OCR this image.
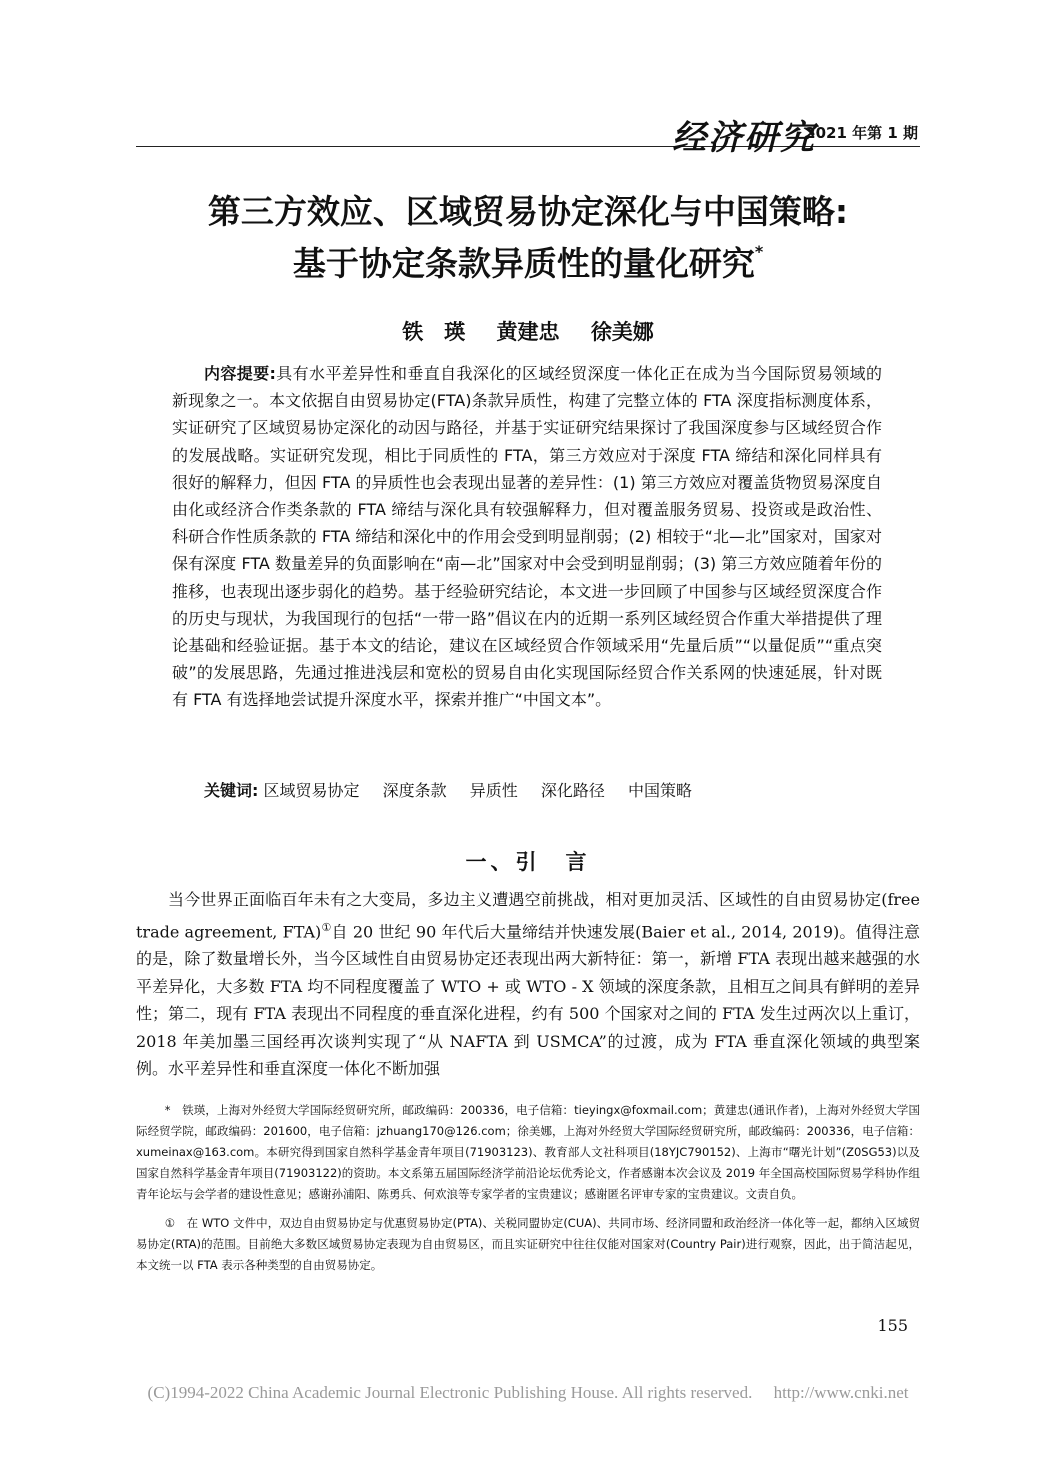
经济研究
2021 年第 1 期
第三方效应、区域贸易协定深化与中国策略:
基于协定条款异质性的量化研究*
铁　瑛 黄建忠 徐美娜
内容提要:具有水平差异性和垂直自我深化的区域经贸深度一体化正在成为当今国际贸易领域的新现象之一。本文依据自由贸易协定(FTA)条款异质性，构建了完整立体的 FTA 深度指标测度体系，实证研究了区域贸易协定深化的动因与路径，并基于实证研究结果探讨了我国深度参与区域经贸合作的发展战略。实证研究发现，相比于同质性的 FTA，第三方效应对于深度 FTA 缔结和深化同样具有很好的解释力，但因 FTA 的异质性也会表现出显著的差异性：(1) 第三方效应对覆盖货物贸易深度自由化或经济合作类条款的 FTA 缔结与深化具有较强解释力，但对覆盖服务贸易、投资或是政治性、科研合作性质条款的 FTA 缔结和深化中的作用会受到明显削弱；(2) 相较于“北—北”国家对，国家对保有深度 FTA 数量差异的负面影响在“南—北”国家对中会受到明显削弱；(3) 第三方效应随着年份的推移，也表现出逐步弱化的趋势。基于经验研究结论，本文进一步回顾了中国参与区域经贸深度合作的历史与现状，为我国现行的包括“一带一路”倡议在内的近期一系列区域经贸合作重大举措提供了理论基础和经验证据。基于本文的结论，建议在区域经贸合作领域采用“先量后质”“以量促质”“重点突破”的发展思路，先通过推进浅层和宽松的贸易自由化实现国际经贸合作关系网的快速延展，针对既有 FTA 有选择地尝试提升深度水平，探索并推广“中国文本”。
关键词: 区域贸易协定 深度条款 异质性 深化路径 中国策略
一、引　言
当今世界正面临百年未有之大变局，多边主义遭遇空前挑战，相对更加灵活、区域性的自由贸易协定(free trade agreement, FTA)①自 20 世纪 90 年代后大量缔结并快速发展(Baier et al., 2014, 2019)。值得注意的是，除了数量增长外，当今区域性自由贸易协定还表现出两大新特征：第一，新增 FTA 表现出越来越强的水平差异化，大多数 FTA 均不同程度覆盖了 WTO + 或 WTO - X 领域的深度条款，且相互之间具有鲜明的差异性；第二，现有 FTA 表现出不同程度的垂直深化进程，约有 500 个国家对之间的 FTA 发生过两次以上重订，2018 年美加墨三国经再次谈判实现了“从 NAFTA 到 USMCA”的过渡，成为 FTA 垂直深化领域的典型案例。水平差异性和垂直深度一体化不断加强

*　铁瑛，上海对外经贸大学国际经贸研究所，邮政编码：200336，电子信箱：tieyingx@foxmail.com；黄建忠(通讯作者)，上海对外经贸大学国际经贸学院，邮政编码：201600，电子信箱：jzhuang170@126.com；徐美娜，上海对外经贸大学国际经贸研究所，邮政编码：200336，电子信箱：xumeinax@163.com。本研究得到国家自然科学基金青年项目(71903123)、教育部人文社科项目(18YJC790152)、上海市“曙光计划”(Z0SG53)以及国家自然科学基金青年项目(71903122)的资助。本文系第五届国际经济学前沿论坛优秀论文，作者感谢本次会议及 2019 年全国高校国际贸易学科协作组青年论坛与会学者的建设性意见；感谢孙浦阳、陈勇兵、何欢浪等专家学者的宝贵建议；感谢匿名评审专家的宝贵建议。文责自负。

①　在 WTO 文件中，双边自由贸易协定与优惠贸易协定(PTA)、关税同盟协定(CUA)、共同市场、经济同盟和政治经济一体化等一起，都纳入区域贸易协定(RTA)的范围。目前绝大多数区域贸易协定表现为自由贸易区，而且实证研究中往往仅能对国家对(Country Pair)进行观察，因此，出于简洁起见，本文统一以 FTA 表示各种类型的自由贸易协定。

155
(C)1994-2022 China Academic Journal Electronic Publishing House. All rights reserved.　 http://www.cnki.net
